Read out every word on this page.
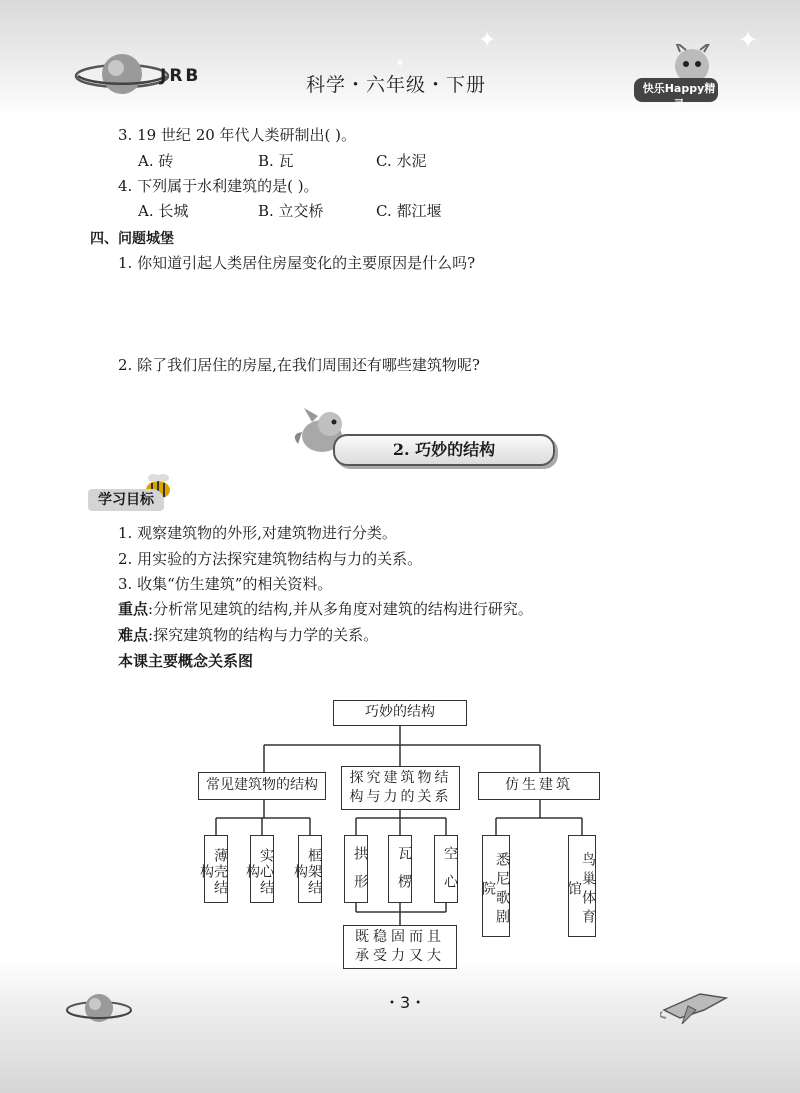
✦	✦
✦
JRB	科学・六年级・下册	快乐Happy精灵
3. 19 世纪 20 年代人类研制出( )。
A. 砖	B. 瓦	C. 水泥
4. 下列属于水利建筑的是( )。
A. 长城	B. 立交桥	C. 都江堰
四、问题城堡
1. 你知道引起人类居住房屋变化的主要原因是什么吗?
2. 除了我们居住的房屋,在我们周围还有哪些建筑物呢?
2. 巧妙的结构
学习目标
1. 观察建筑物的外形,对建筑物进行分类。
2. 用实验的方法探究建筑物结构与力的关系。
3. 收集“仿生建筑”的相关资料。
重点:分析常见建筑的结构,并从多角度对建筑的结构进行研究。
难点:探究建筑物的结构与力学的关系。
本课主要概念关系图
巧妙的结构
常见建筑物的结构	探究建筑物结构与力的关系
仿生建筑
薄壳结构	实心结构	框架结构	拱形	瓦楞	空心
既稳固而且承受力又大
悉尼歌剧院	鸟巢体育馆
・3・
